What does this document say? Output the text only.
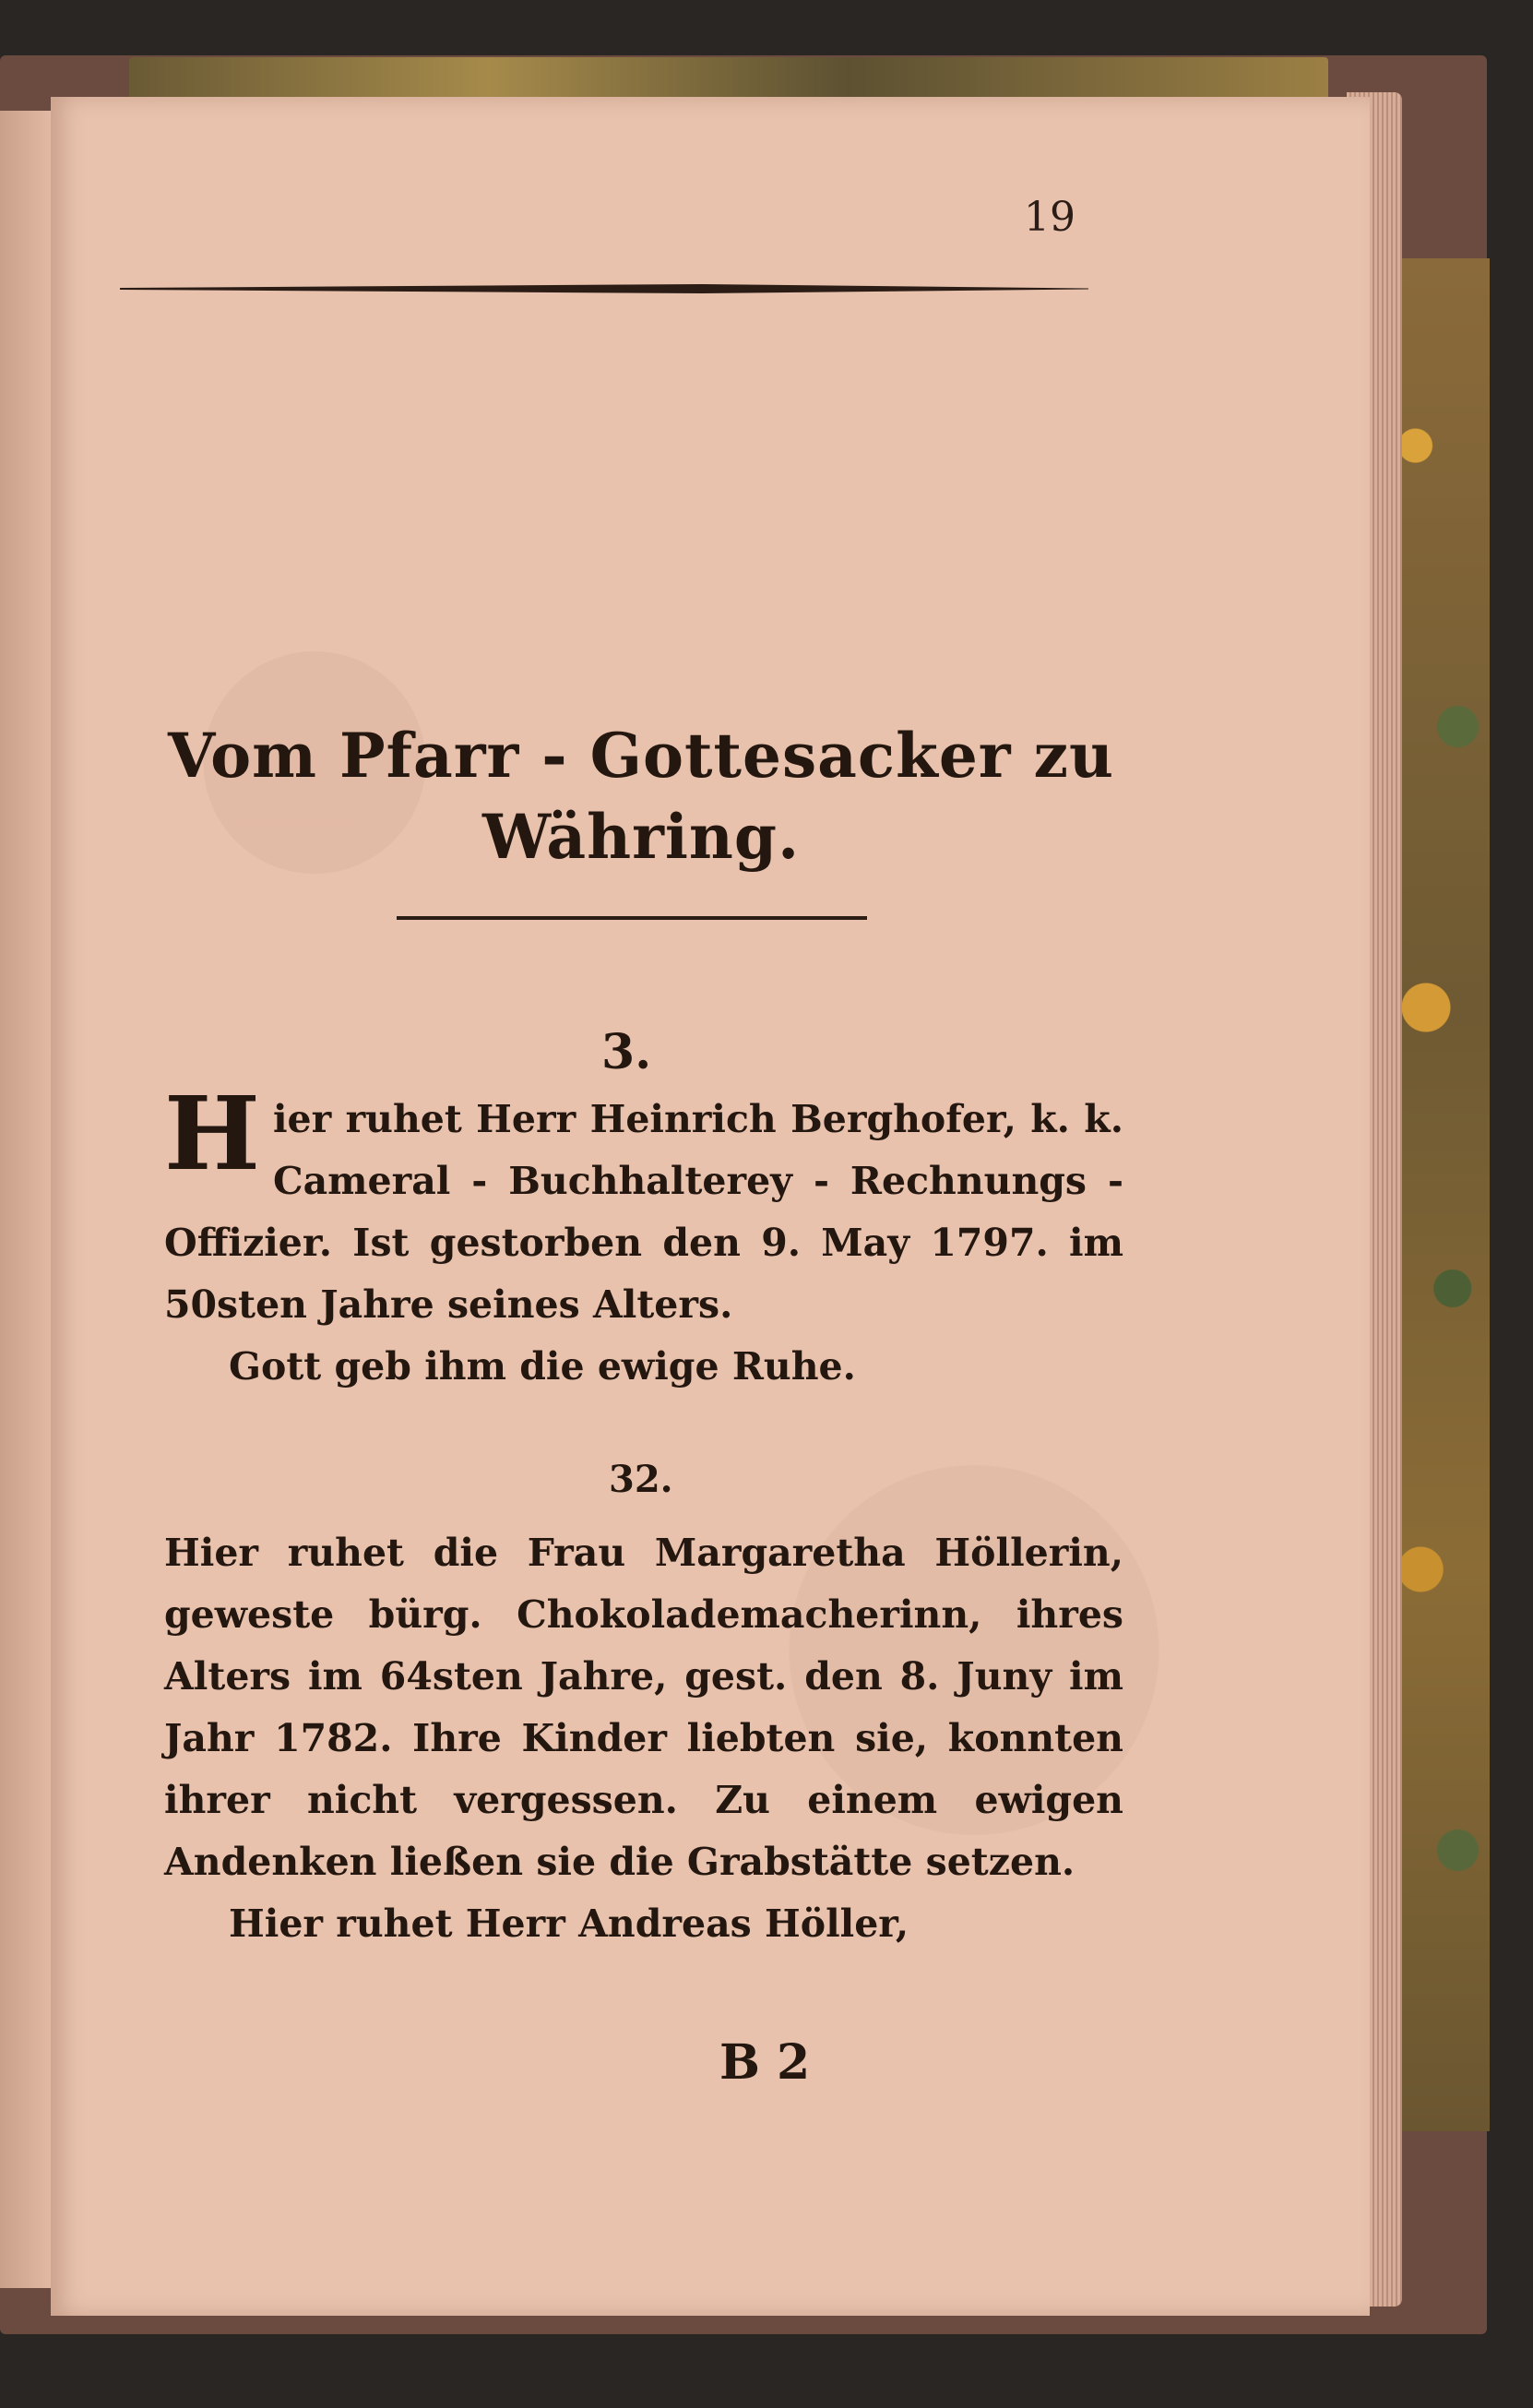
19
Vom Pfarr - Gottesacker zu
Währing.
3.
Hier ruhet Herr Heinrich Berghofer, k. k. Cameral - Buchhalterey - Rechnungs - Offizier. Ist gestorben den 9. May 1797. im 50sten Jahre seines Alters.
Gott geb ihm die ewige Ruhe.
32.
Hier ruhet die Frau Margaretha Höllerin, geweste bürg. Chokolademacherinn, ihres Alters im 64sten Jahre, gest. den 8. Juny im Jahr 1782. Ihre Kinder liebten sie, konnten ihrer nicht vergessen. Zu einem ewigen Andenken ließen sie die Grabstätte setzen.
Hier ruhet Herr Andreas Höller,
B 2
